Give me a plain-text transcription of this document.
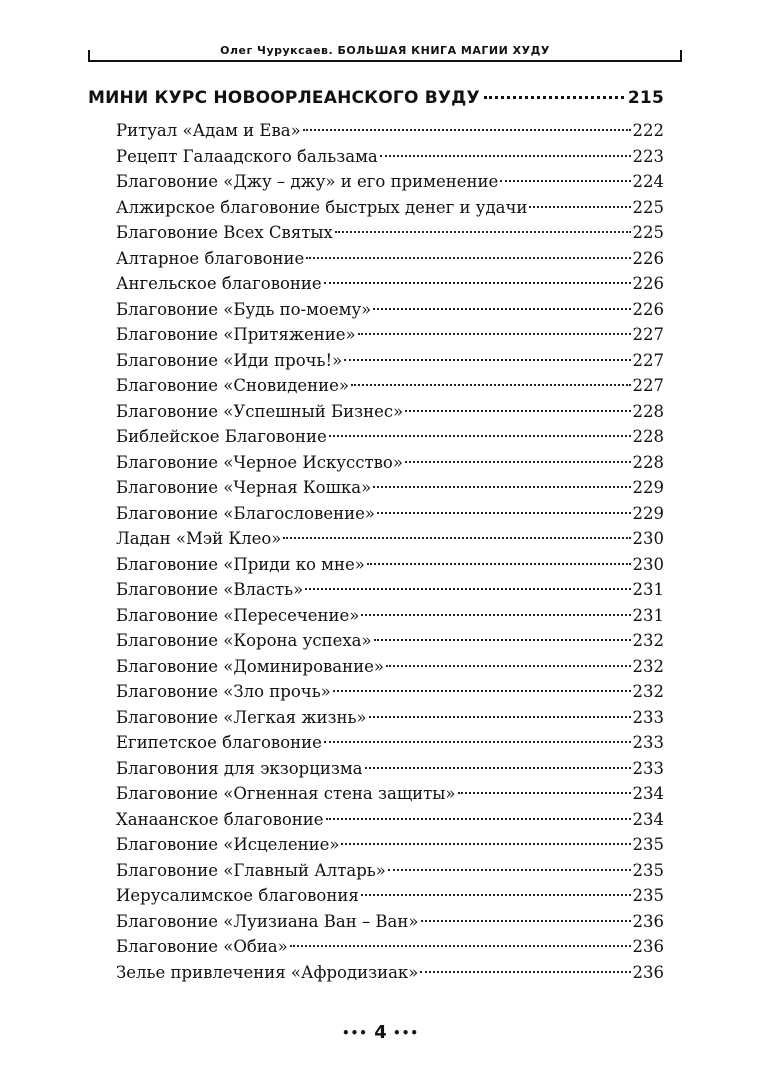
Олег Чуруксаев. БОЛЬШАЯ КНИГА МАГИИ ХУДУ
МИНИ КУРС НОВООРЛЕАНСКОГО ВУДУ	215
Ритуал «Адам и Ева»	222
Рецепт Галаадского бальзама	223
Благовоние «Джу – джу» и его применение	224
Алжирское благовоние быстрых денег и удачи	225
Благовоние Всех Святых	225
Алтарное благовоние	226
Ангельское благовоние	226
Благовоние «Будь по-моему»	226
Благовоние «Притяжение»	227
Благовоние «Иди прочь!»	227
Благовоние «Сновидение»	227
Благовоние «Успешный Бизнес»	228
Библейское Благовоние	228
Благовоние «Черное Искусство»	228
Благовоние «Черная Кошка»	229
Благовоние «Благословение»	229
Ладан «Мэй Клео»	230
Благовоние «Приди ко мне»	230
Благовоние «Власть»	231
Благовоние «Пересечение»	231
Благовоние «Корона успеха»	232
Благовоние «Доминирование»	232
Благовоние «Зло прочь»	232
Благовоние «Легкая жизнь»	233
Египетское благовоние	233
Благовония для экзорцизма	233
Благовоние «Огненная стена защиты»	234
Ханаанское благовоние	234
Благовоние «Исцеление»	235
Благовоние «Главный Алтарь»	235
Иерусалимское благовония	235
Благовоние «Луизиана Ван – Ван»	236
Благовоние «Обиа»	236
Зелье привлечения «Афродизиак»	236
••• 4 •••
